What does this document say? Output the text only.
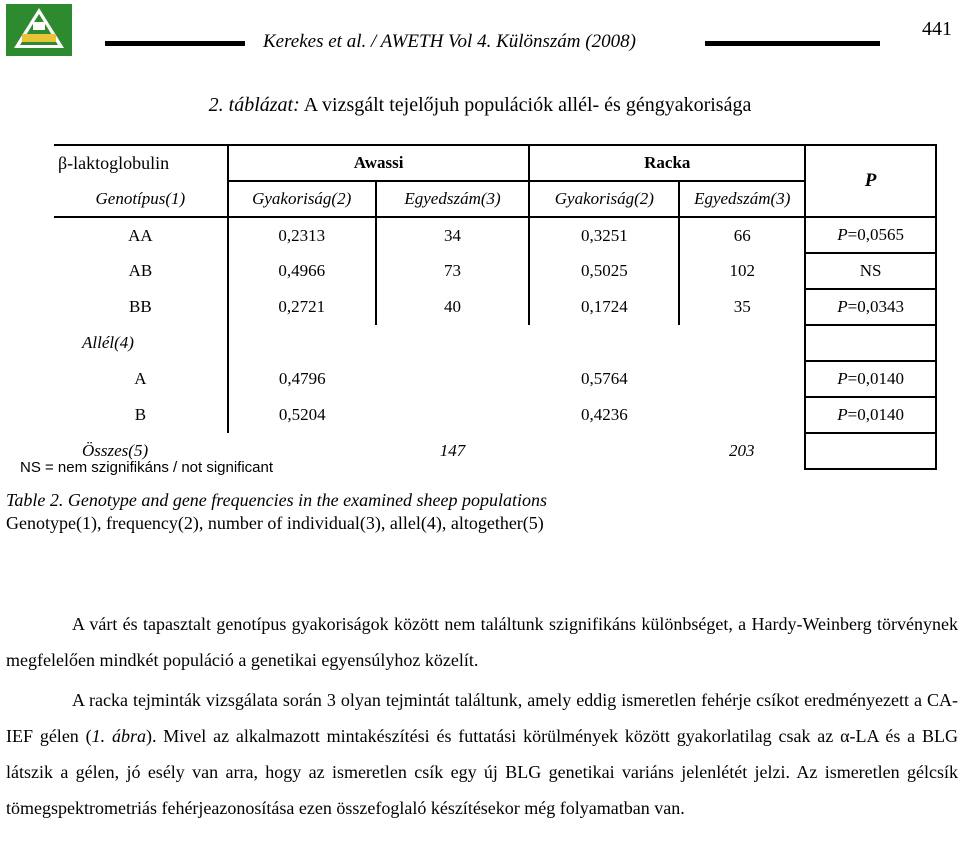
Kerekes et al. / AWETH Vol 4. Különszám (2008)
441
2. táblázat: A vizsgált tejelőjuh populációk allél- és géngyakorisága
β-laktoglobulin	Awassi		Racka		P
Genotípus(1)	Gyakoriság(2)	Egyedszám(3)	Gyakoriság(2)	Egyedszám(3)	
AA	0,2313	34	0,3251	66	P=0,0565
AB	0,4966	73	0,5025	102	NS
BB	0,2721	40	0,1724	35	P=0,0343
Allél(4)					
A	0,4796		0,5764		P=0,0140
B	0,5204		0,4236		P=0,0140
Összes(5)		147		203	
NS = nem szignifikáns / not significant
Table 2. Genotype and gene frequencies in the examined sheep populations
Genotype(1), frequency(2), number of individual(3), allel(4), altogether(5)
A várt és tapasztalt genotípus gyakoriságok között nem találtunk szignifikáns különbséget, a Hardy-Weinberg törvénynek megfelelően mindkét populáció a genetikai egyensúlyhoz közelít.
A racka tejminták vizsgálata során 3 olyan tejmintát találtunk, amely eddig ismeretlen fehérje csíkot eredményezett a CA-IEF gélen (1. ábra). Mivel az alkalmazott mintakészítési és futtatási körülmények között gyakorlatilag csak az α-LA és a BLG látszik a gélen, jó esély van arra, hogy az ismeretlen csík egy új BLG genetikai variáns jelenlétét jelzi. Az ismeretlen gélcsík tömegspektrometriás fehérjeazonosítása ezen összefoglaló készítésekor még folyamatban van.
